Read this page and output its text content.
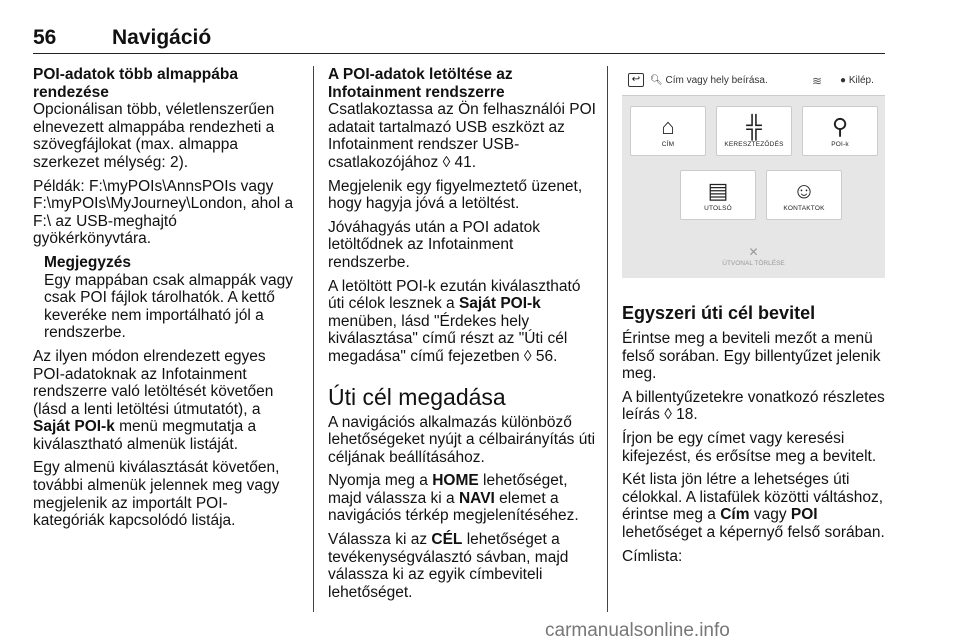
56	Navigáció
POI-adatok több almappába rendezése
Opcionálisan több, véletlenszerűen elnevezett almappába rendezheti a szövegfájlokat (max. almappa szerkezet mélység: 2).
Példák: F:\myPOIs\AnnsPOIs vagy F:\myPOIs\MyJourney\London, ahol a F:\ az USB-meghajtó gyökérkönyvtára.
Megjegyzés
Egy mappában csak almappák vagy csak POI fájlok tárolhatók. A kettő keveréke nem importálható jól a rendszerbe.
Az ilyen módon elrendezett egyes POI-adatoknak az Infotainment rendszerre való letöltését követően (lásd a lenti letöltési útmutatót), a Saját POI-k menü megmutatja a kiválasztható almenük listáját.
Egy almenü kiválasztását követően, további almenük jelennek meg vagy megjelenik az importált POI-kategóriák kapcsolódó listája.
A POI-adatok letöltése az Infotainment rendszerre
Csatlakoztassa az Ön felhasználói POI adatait tartalmazó USB eszközt az Infotainment rendszer USB-csatlakozójához ◊ 41.
Megjelenik egy figyelmeztető üzenet, hogy hagyja jóvá a letöltést.
Jóváhagyás után a POI adatok letöltődnek az Infotainment rendszerbe.
A letöltött POI-k ezután kiválasztható úti célok lesznek a Saját POI-k menüben, lásd "Érdekes hely kiválasztása" című részt az "Úti cél megadása" című fejezetben ◊ 56.
Úti cél megadása
A navigációs alkalmazás különböző lehetőségeket nyújt a célbairányítás úti céljának beállításához.
Nyomja meg a HOME lehetőséget, majd válassza ki a NAVI elemet a navigációs térkép megjelenítéséhez.
Válassza ki az CÉL lehetőséget a tevékenységválasztó sávban, majd válassza ki az egyik címbeviteli lehetőséget.
↩ 🔍︎ Cím vagy hely beírása.	≋ ● Kilép.
⌂
CÍM
╬
KERESZTEZŐDÉS
⚲
POI-k
▤
UTOLSÓ
☺
KONTAKTOK
✕
ÚTVONAL TÖRLÉSE
Egyszeri úti cél bevitel
Érintse meg a beviteli mezőt a menü felső sorában. Egy billentyűzet jelenik meg.
A billentyűzetekre vonatkozó részletes leírás ◊ 18.
Írjon be egy címet vagy keresési kifejezést, és erősítse meg a bevitelt.
Két lista jön létre a lehetséges úti célokkal. A listafülek közötti váltáshoz, érintse meg a Cím vagy POI lehetőséget a képernyő felső sorában.
Címlista:
carmanualsonline.info
